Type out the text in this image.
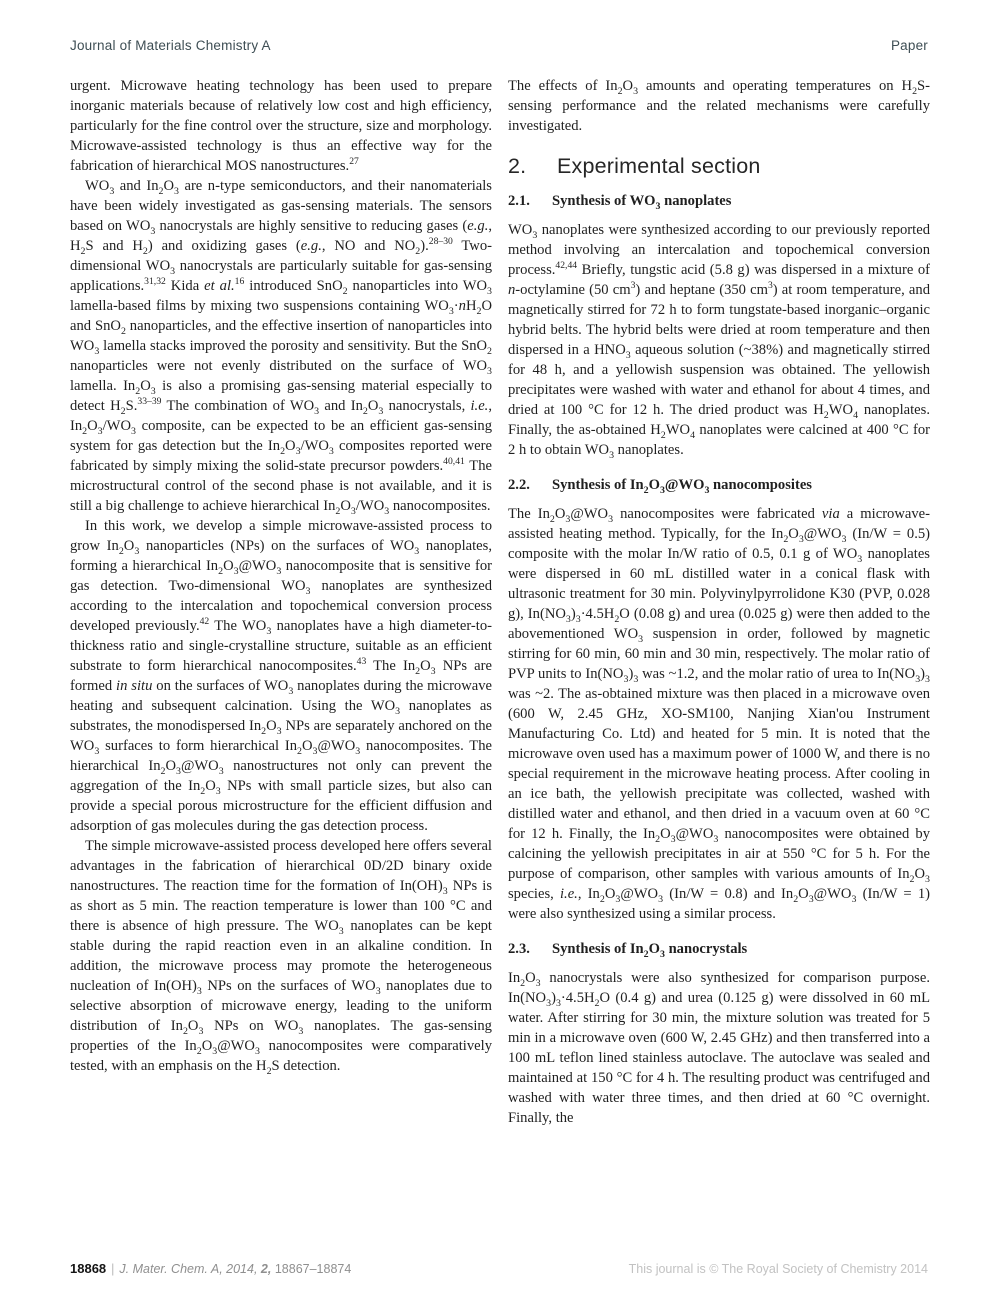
Journal of Materials Chemistry A	Paper

urgent. Microwave heating technology has been used to prepare inorganic materials because of relatively low cost and high efficiency, particularly for the fine control over the structure, size and morphology. Microwave-assisted technology is thus an effective way for the fabrication of hierarchical MOS nanostructures.$^{27}$

$WO_3$ and $In_2O_3$ are n-type semiconductors, and their nanomaterials have been widely investigated as gas-sensing materials. The sensors based on $WO_3$ nanocrystals are highly sensitive to reducing gases (e.g., $H_2S$ and $H_2$) and oxidizing gases (e.g., NO and $NO_2).^{28-30}$ Two-dimensional $WO_3$ nanocrystals are particularly suitable for gas-sensing applications.$^{31,32}$ Kida et al.$^{16}$ introduced SnO$_2$ nanoparticles into $WO_3$ lamella-based films by mixing two suspensions containing $WO_3\cdot nH_2O$ and SnO$_2$ nanoparticles, and the effective insertion of nanoparticles into $WO_3$ lamella stacks improved the porosity and sensitivity. But the SnO$_2$ nanoparticles were not evenly distributed on the surface of $WO_3$ lamella. $In_2O_3$ is also a promising gas-sensing material especially to detect $H_2S.^{33-39}$ The combination of $WO_3$ and $In_2O_3$ nanocrystals, i.e., $In_2O_3/WO_3$ composite, can be expected to be an efficient gas-sensing system for gas detection but the $In_2O_3/WO_3$ composites reported were fabricated by simply mixing the solid-state precursor powders.$^{40,41}$ The microstructural control of the second phase is not available, and it is still a big challenge to achieve hierarchical $In_2O_3/WO_3$ nanocomposites.

In this work, we develop a simple microwave-assisted process to grow $In_2O_3$ nanoparticles (NPs) on the surfaces of $WO_3$ nanoplates, forming a hierarchical $In_2O_3@WO_3$ nanocomposite that is sensitive for gas detection. Two-dimensional $WO_3$ nanoplates are synthesized according to the intercalation and topochemical conversion process developed previously.$^{42}$ The $WO_3$ nanoplates have a high diameter-to-thickness ratio and single-crystalline structure, suitable as an efficient substrate to form hierarchical nanocomposites.$^{43}$ The $In_2O_3$ NPs are formed in situ on the surfaces of $WO_3$ nanoplates during the microwave heating and subsequent calcination. Using the $WO_3$ nanoplates as substrates, the monodispersed $In_2O_3$ NPs are separately anchored on the $WO_3$ surfaces to form hierarchical $In_2O_3@WO_3$ nanocomposites. The hierarchical $In_2O_3@WO_3$ nanostructures not only can prevent the aggregation of the $In_2O_3$ NPs with small particle sizes, but also can provide a special porous microstructure for the efficient diffusion and adsorption of gas molecules during the gas detection process.

The simple microwave-assisted process developed here offers several advantages in the fabrication of hierarchical 0D/2D binary oxide nanostructures. The reaction time for the formation of $In(OH)_3$ NPs is as short as 5 min. The reaction temperature is lower than 100 °C and there is absence of high pressure. The $WO_3$ nanoplates can be kept stable during the rapid reaction even in an alkaline condition. In addition, the microwave process may promote the heterogeneous nucleation of $In(OH)_3$ NPs on the surfaces of $WO_3$ nanoplates due to selective absorption of microwave energy, leading to the uniform distribution of $In_2O_3$ NPs on $WO_3$ nanoplates. The gas-sensing properties of the $In_2O_3@WO_3$ nanocomposites were comparatively tested, with an emphasis on the $H_2S$ detection.

The effects of $In_2O_3$ amounts and operating temperatures on $H_2S$-sensing performance and the related mechanisms were carefully investigated.

2.	Experimental section
2.1.	Synthesis of $WO_3$ nanoplates

$WO_3$ nanoplates were synthesized according to our previously reported method involving an intercalation and topochemical conversion process.$^{42,44}$ Briefly, tungstic acid (5.8 g) was dispersed in a mixture of n-octylamine (50 $cm^3$) and heptane (350 $cm^3$) at room temperature, and magnetically stirred for 72 h to form tungstate-based inorganic–organic hybrid belts. The hybrid belts were dried at room temperature and then dispersed in a $HNO_3$ aqueous solution (~38%) and magnetically stirred for 48 h, and a yellowish suspension was obtained. The yellowish precipitates were washed with water and ethanol for about 4 times, and dried at 100 °C for 12 h. The dried product was $H_2WO_4$ nanoplates. Finally, the as-obtained $H_2WO_4$ nanoplates were calcined at 400 °C for 2 h to obtain $WO_3$ nanoplates.

2.2.	Synthesis of $In_2O_3@WO_3$ nanocomposites

The $In_2O_3@WO_3$ nanocomposites were fabricated via a microwave-assisted heating method. Typically, for the $In_2O_3@WO_3$ (In/W = 0.5) composite with the molar In/W ratio of 0.5, 0.1 g of $WO_3$ nanoplates were dispersed in 60 mL distilled water in a conical flask with ultrasonic treatment for 30 min. Polyvinylpyrrolidone K30 (PVP, 0.028 g), $In(NO_3)_3\cdot 4.5H_2O$ (0.08 g) and urea (0.025 g) were then added to the abovementioned $WO_3$ suspension in order, followed by magnetic stirring for 60 min, 60 min and 30 min, respectively. The molar ratio of PVP units to $In(NO_3)_3$ was ~1.2, and the molar ratio of urea to $In(NO_3)_3$ was ~2. The as-obtained mixture was then placed in a microwave oven (600 W, 2.45 GHz, XO-SM100, Nanjing Xian'ou Instrument Manufacturing Co. Ltd) and heated for 5 min. It is noted that the microwave oven used has a maximum power of 1000 W, and there is no special requirement in the microwave heating process. After cooling in an ice bath, the yellowish precipitate was collected, washed with distilled water and ethanol, and then dried in a vacuum oven at 60 °C for 12 h. Finally, the $In_2O_3@WO_3$ nanocomposites were obtained by calcining the yellowish precipitates in air at 550 °C for 5 h. For the purpose of comparison, other samples with various amounts of $In_2O_3$ species, i.e., $In_2O_3@WO_3$ (In/W = 0.8) and $In_2O_3@WO_3$ (In/W = 1) were also synthesized using a similar process.

2.3.	Synthesis of $In_2O_3$ nanocrystals

$In_2O_3$ nanocrystals were also synthesized for comparison purpose. $In(NO_3)_3\cdot 4.5H_2O$ (0.4 g) and urea (0.125 g) were dissolved in 60 mL water. After stirring for 30 min, the mixture solution was treated for 5 min in a microwave oven (600 W, 2.45 GHz) and then transferred into a 100 mL teflon lined stainless autoclave. The autoclave was sealed and maintained at 150 °C for 4 h. The resulting product was centrifuged and washed with water three times, and then dried at 60 °C overnight. Finally, the

18868 | J. Mater. Chem. A, 2014, 2, 18867–18874	This journal is © The Royal Society of Chemistry 2014
